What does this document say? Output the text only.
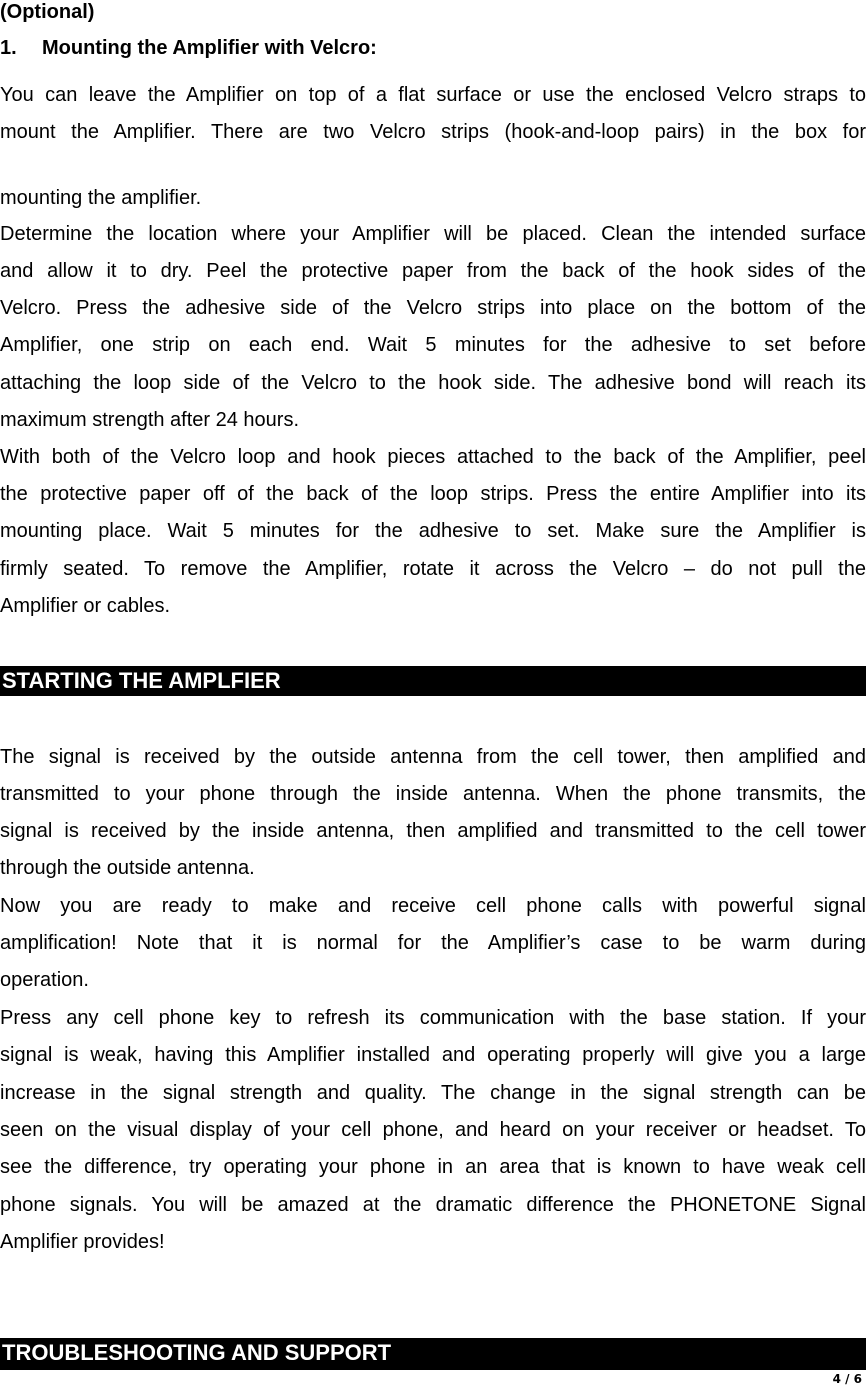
(Optional)
1. Mounting the Amplifier with Velcro:
You can leave the Amplifier on top of a flat surface or use the enclosed Velcro straps to
mount the Amplifier. There are two Velcro strips (hook-and-loop pairs) in the box for
mounting the amplifier.
Determine the location where your Amplifier will be placed. Clean the intended surface
and allow it to dry. Peel the protective paper from the back of the hook sides of the
Velcro. Press the adhesive side of the Velcro strips into place on the bottom of the
Amplifier, one strip on each end. Wait 5 minutes for the adhesive to set before
attaching the loop side of the Velcro to the hook side. The adhesive bond will reach its
maximum strength after 24 hours.
With both of the Velcro loop and hook pieces attached to the back of the Amplifier, peel
the protective paper off of the back of the loop strips. Press the entire Amplifier into its
mounting place. Wait 5 minutes for the adhesive to set. Make sure the Amplifier is
firmly seated. To remove the Amplifier, rotate it across the Velcro – do not pull the
Amplifier or cables.
STARTING THE AMPLFIER
The signal is received by the outside antenna from the cell tower, then amplified and
transmitted to your phone through the inside antenna. When the phone transmits, the
signal is received by the inside antenna, then amplified and transmitted to the cell tower
through the outside antenna.
Now you are ready to make and receive cell phone calls with powerful signal
amplification! Note that it is normal for the Amplifier’s case to be warm during
operation.
Press any cell phone key to refresh its communication with the base station. If your
signal is weak, having this Amplifier installed and operating properly will give you a large
increase in the signal strength and quality. The change in the signal strength can be
seen on the visual display of your cell phone, and heard on your receiver or headset. To
see the difference, try operating your phone in an area that is known to have weak cell
phone signals. You will be amazed at the dramatic difference the PHONETONE Signal
Amplifier provides!
TROUBLESHOOTING AND SUPPORT
4 / 6
